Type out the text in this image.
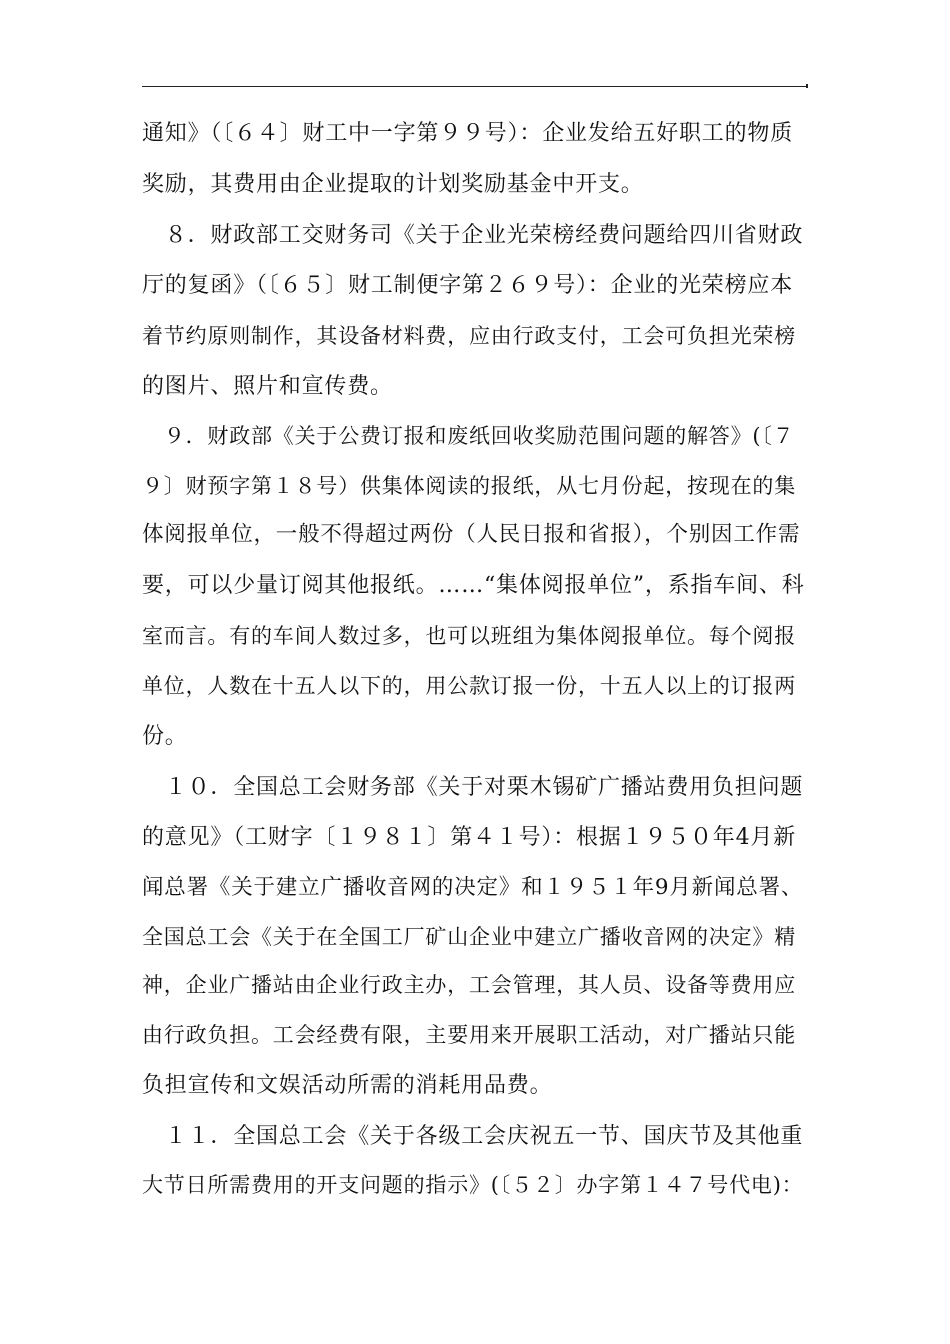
通知》（〔６４〕财工中一字第９９号）：企业发给五好职工的物质
奖励，其费用由企业提取的计划奖励基金中开支。
　８．财政部工交财务司《关于企业光荣榜经费问题给四川省财政
厅的复函》（〔６５〕财工制便字第２６９号）：企业的光荣榜应本
着节约原则制作，其设备材料费，应由行政支付，工会可负担光荣榜
的图片、照片和宣传费。
　９．财政部《关于公费订报和废纸回收奖励范围问题的解答》(〔７
９〕财预字第１８号）供集体阅读的报纸，从七月份起，按现在的集
体阅报单位，一般不得超过两份（人民日报和省报），个别因工作需
要，可以少量订阅其他报纸。……“集体阅报单位”，系指车间、科
室而言。有的车间人数过多，也可以班组为集体阅报单位。每个阅报
单位，人数在十五人以下的，用公款订报一份，十五人以上的订报两
份。
　１０．全国总工会财务部《关于对栗木锡矿广播站费用负担问题
的意见》（工财字〔１９８１〕第４１号）：根据１９５０年4月新
闻总署《关于建立广播收音网的决定》和１９５１年9月新闻总署、
全国总工会《关于在全国工厂矿山企业中建立广播收音网的决定》精
神，企业广播站由企业行政主办，工会管理，其人员、设备等费用应
由行政负担。工会经费有限，主要用来开展职工活动，对广播站只能
负担宣传和文娱活动所需的消耗用品费。
　１１．全国总工会《关于各级工会庆祝五一节、国庆节及其他重
大节日所需费用的开支问题的指示》(〔５２〕办字第１４７号代电)：
